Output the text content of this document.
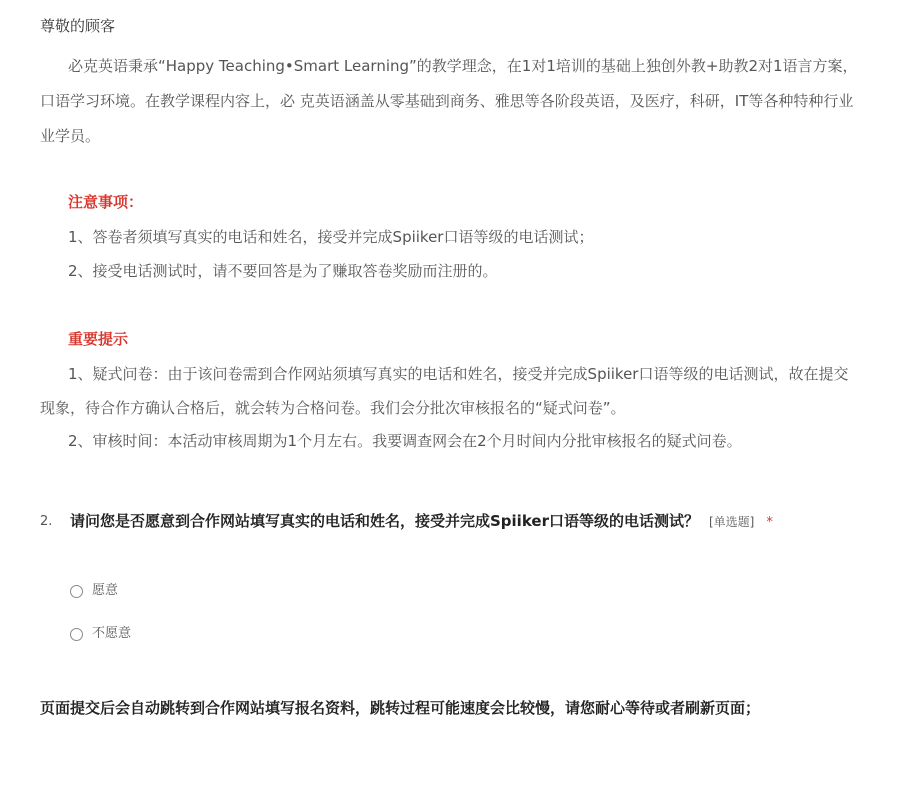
尊敬的顾客
必克英语秉承“Happy Teaching•Smart Learning”的教学理念，在1对1培训的基础上独创外教+助教2对1语言方案，
口语学习环境。在教学课程内容上，必 克英语涵盖从零基础到商务、雅思等各阶段英语，及医疗，科研，IT等各种特种行业
业学员。
注意事项：
1、答卷者须填写真实的电话和姓名，接受并完成Spiiker口语等级的电话测试；
2、接受电话测试时，请不要回答是为了赚取答卷奖励而注册的。
重要提示
1、疑式问卷：由于该问卷需到合作网站须填写真实的电话和姓名，接受并完成Spiiker口语等级的电话测试，故在提交
现象，待合作方确认合格后，就会转为合格问卷。我们会分批次审核报名的“疑式问卷”。
2、审核时间：本活动审核周期为1个月左右。我要调查网会在2个月时间内分批审核报名的疑式问卷。
2. 请问您是否愿意到合作网站填写真实的电话和姓名，接受并完成Spiiker口语等级的电话测试？ [单选题] *
愿意
不愿意
页面提交后会自动跳转到合作网站填写报名资料，跳转过程可能速度会比较慢，请您耐心等待或者刷新页面；
